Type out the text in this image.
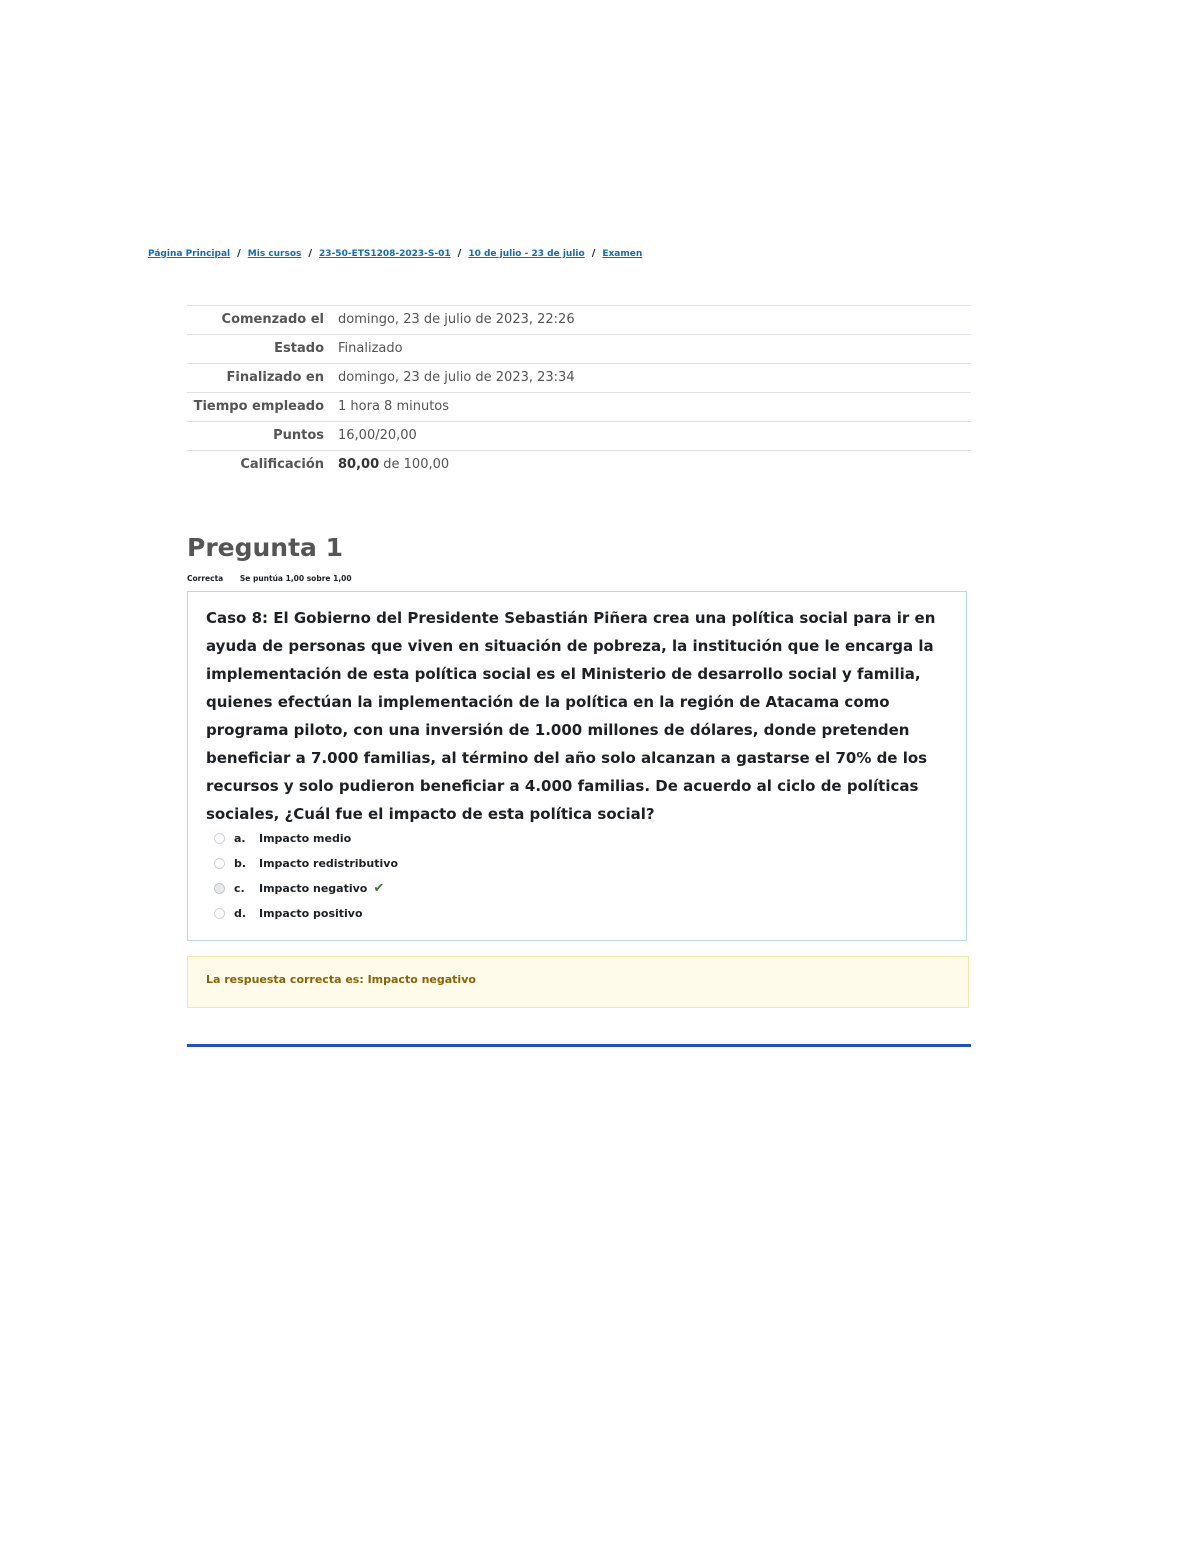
Página Principal / Mis cursos / 23-50-ETS1208-2023-S-01 / 10 de julio - 23 de julio / Examen
Comenzado el	domingo, 23 de julio de 2023, 22:26
Estado	Finalizado
Finalizado en	domingo, 23 de julio de 2023, 23:34
Tiempo empleado	1 hora 8 minutos
Puntos	16,00/20,00
Calificación	80,00 de 100,00
Pregunta 1
Correcta Se puntúa 1,00 sobre 1,00

Caso 8: El Gobierno del Presidente Sebastián Piñera crea una política social para ir en ayuda de personas que viven en situación de pobreza, la institución que le encarga la implementación de esta política social es el Ministerio de desarrollo social y familia, quienes efectúan la implementación de la política en la región de Atacama como programa piloto, con una inversión de 1.000 millones de dólares, donde pretenden beneficiar a 7.000 familias, al término del año solo alcanzan a gastarse el 70% de los recursos y solo pudieron beneficiar a 4.000 familias. De acuerdo al ciclo de políticas sociales, ¿Cuál fue el impacto de esta política social?

a.	Impacto medio
b.	Impacto redistributivo
c.	Impacto negativo ✔
d.	Impacto positivo
La respuesta correcta es: Impacto negativo
